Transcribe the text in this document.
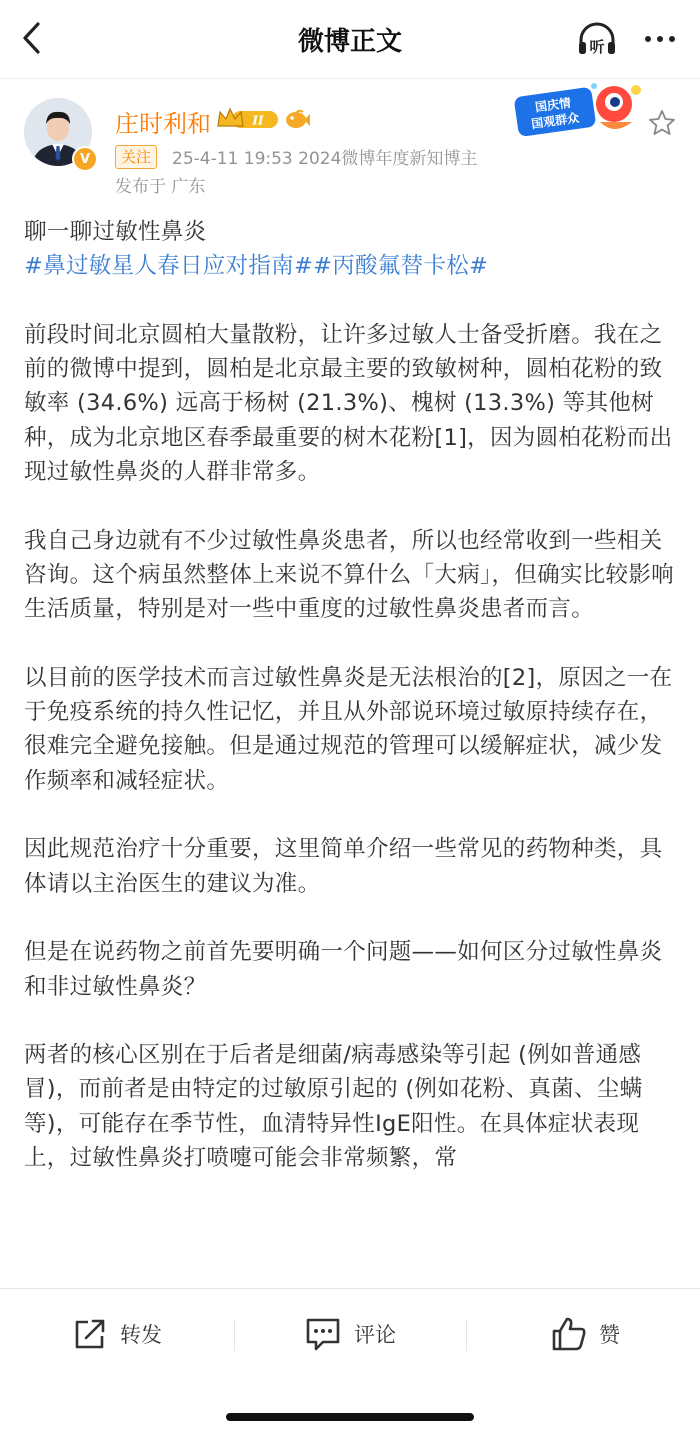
微博正文	听
V
庄时利和	II
关注	25-4-11 19:53 2024微博年度新知博主
发布于 广东
国庆情
国观群众

聊一聊过敏性鼻炎

#鼻过敏星人春日应对指南##丙酸氟替卡松#

前段时间北京圆柏大量散粉，让许多过敏人士备受折磨。我在之前的微博中提到，圆柏是北京最主要的致敏树种，圆柏花粉的致敏率 (34.6%) 远高于杨树 (21.3%)、槐树 (13.3%) 等其他树种，成为北京地区春季最重要的树木花粉[1]，因为圆柏花粉而出现过敏性鼻炎的人群非常多。

我自己身边就有不少过敏性鼻炎患者，所以也经常收到一些相关咨询。这个病虽然整体上来说不算什么「大病」，但确实比较影响生活质量，特别是对一些中重度的过敏性鼻炎患者而言。

以目前的医学技术而言过敏性鼻炎是无法根治的[2]，原因之一在于免疫系统的持久性记忆，并且从外部说环境过敏原持续存在，很难完全避免接触。但是通过规范的管理可以缓解症状，减少发作频率和减轻症状。

因此规范治疗十分重要，这里简单介绍一些常见的药物种类，具体请以主治医生的建议为准。

但是在说药物之前首先要明确一个问题——如何区分过敏性鼻炎和非过敏性鼻炎？

两者的核心区别在于后者是细菌/病毒感染等引起 (例如普通感冒)，而前者是由特定的过敏原引起的 (例如花粉、真菌、尘螨等)，可能存在季节性，血清特异性IgE阳性。在具体症状表现上，过敏性鼻炎打喷嚏可能会非常频繁，常

转发	评论	赞
